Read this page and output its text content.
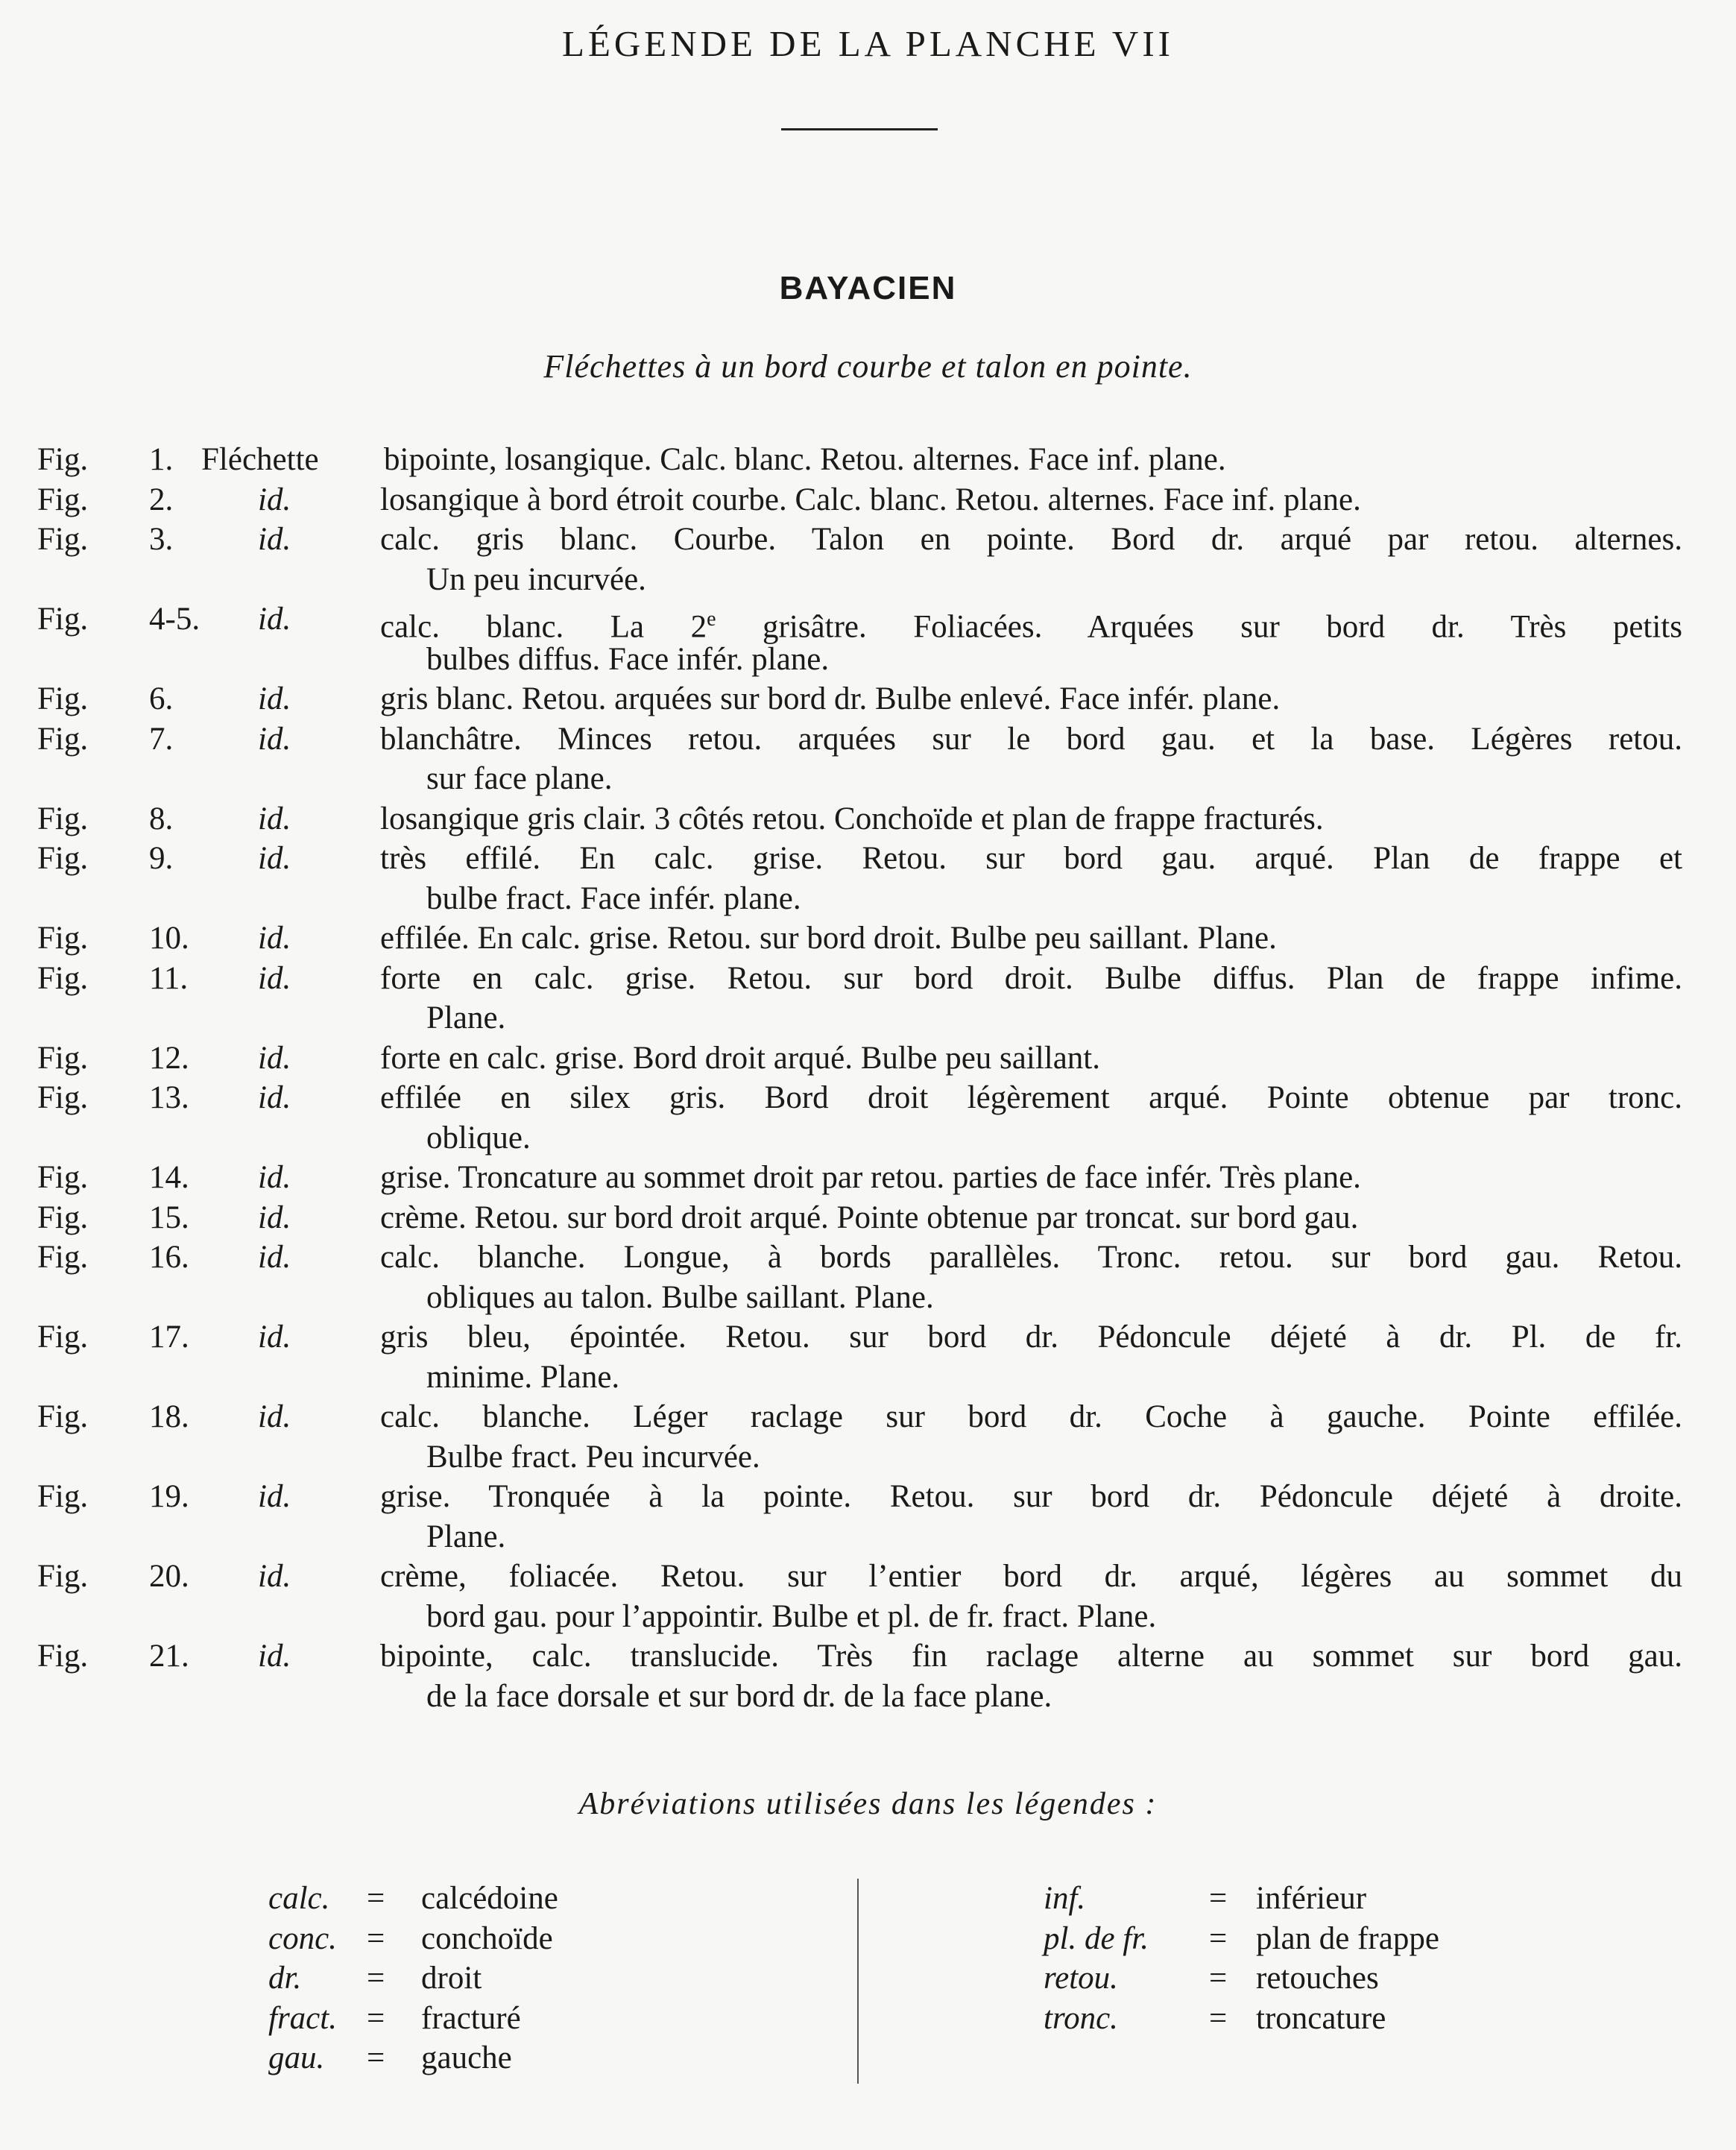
LÉGENDE DE LA PLANCHE VII
BAYACIEN
Fléchettes à un bord courbe et talon en pointe.
Fig. 1. Fléchette bipointe, losangique. Calc. blanc. Retou. alternes. Face inf. plane.
Fig. 2.	id.	losangique à bord étroit courbe. Calc. blanc. Retou. alternes. Face inf. plane.
Fig. 3.	id.	calc. gris blanc. Courbe. Talon en pointe. Bord dr. arqué par retou. alternes.
Un peu incurvée.
Fig. 4-5. id.	calc. blanc. La 2e grisâtre. Foliacées. Arquées sur bord dr. Très petits
bulbes diffus. Face infér. plane.
Fig. 6.	id.	gris blanc. Retou. arquées sur bord dr. Bulbe enlevé. Face infér. plane.
Fig. 7.	id.	blanchâtre. Minces retou. arquées sur le bord gau. et la base. Légères retou.
sur face plane.
Fig. 8.	id.	losangique gris clair. 3 côtés retou. Conchoïde et plan de frappe fracturés.
Fig. 9.	id.	très effilé. En calc. grise. Retou. sur bord gau. arqué. Plan de frappe et
bulbe fract. Face infér. plane.
Fig. 10. id.	effilée. En calc. grise. Retou. sur bord droit. Bulbe peu saillant. Plane.
Fig. 11. id.	forte en calc. grise. Retou. sur bord droit. Bulbe diffus. Plan de frappe infime.
Plane.
Fig. 12. id.	forte en calc. grise. Bord droit arqué. Bulbe peu saillant.
Fig. 13. id.	effilée en silex gris. Bord droit légèrement arqué. Pointe obtenue par tronc.
oblique.
Fig. 14. id.	grise. Troncature au sommet droit par retou. parties de face infér. Très plane.
Fig. 15. id.	crème. Retou. sur bord droit arqué. Pointe obtenue par troncat. sur bord gau.
Fig. 16. id.	calc. blanche. Longue, à bords parallèles. Tronc. retou. sur bord gau. Retou.
obliques au talon. Bulbe saillant. Plane.
Fig. 17. id.	gris bleu, épointée. Retou. sur bord dr. Pédoncule déjeté à dr. Pl. de fr.
minime. Plane.
Fig. 18. id.	calc. blanche. Léger raclage sur bord dr. Coche à gauche. Pointe effilée.
Bulbe fract. Peu incurvée.
Fig. 19. id.	grise. Tronquée à la pointe. Retou. sur bord dr. Pédoncule déjeté à droite.
Plane.
Fig. 20. id.	crème, foliacée. Retou. sur l’entier bord dr. arqué, légères au sommet du
bord gau. pour l’appointir. Bulbe et pl. de fr. fract. Plane.
Fig. 21. id.	bipointe, calc. translucide. Très fin raclage alterne au sommet sur bord gau.
de la face dorsale et sur bord dr. de la face plane.
Abréviations utilisées dans les légendes :
calc. = calcédoine
conc. = conchoïde
dr. = droit
fract. = fracturé
gau. = gauche
inf.	= inférieur
pl. de fr. = plan de frappe
retou.	= retouches
tronc.	= troncature
